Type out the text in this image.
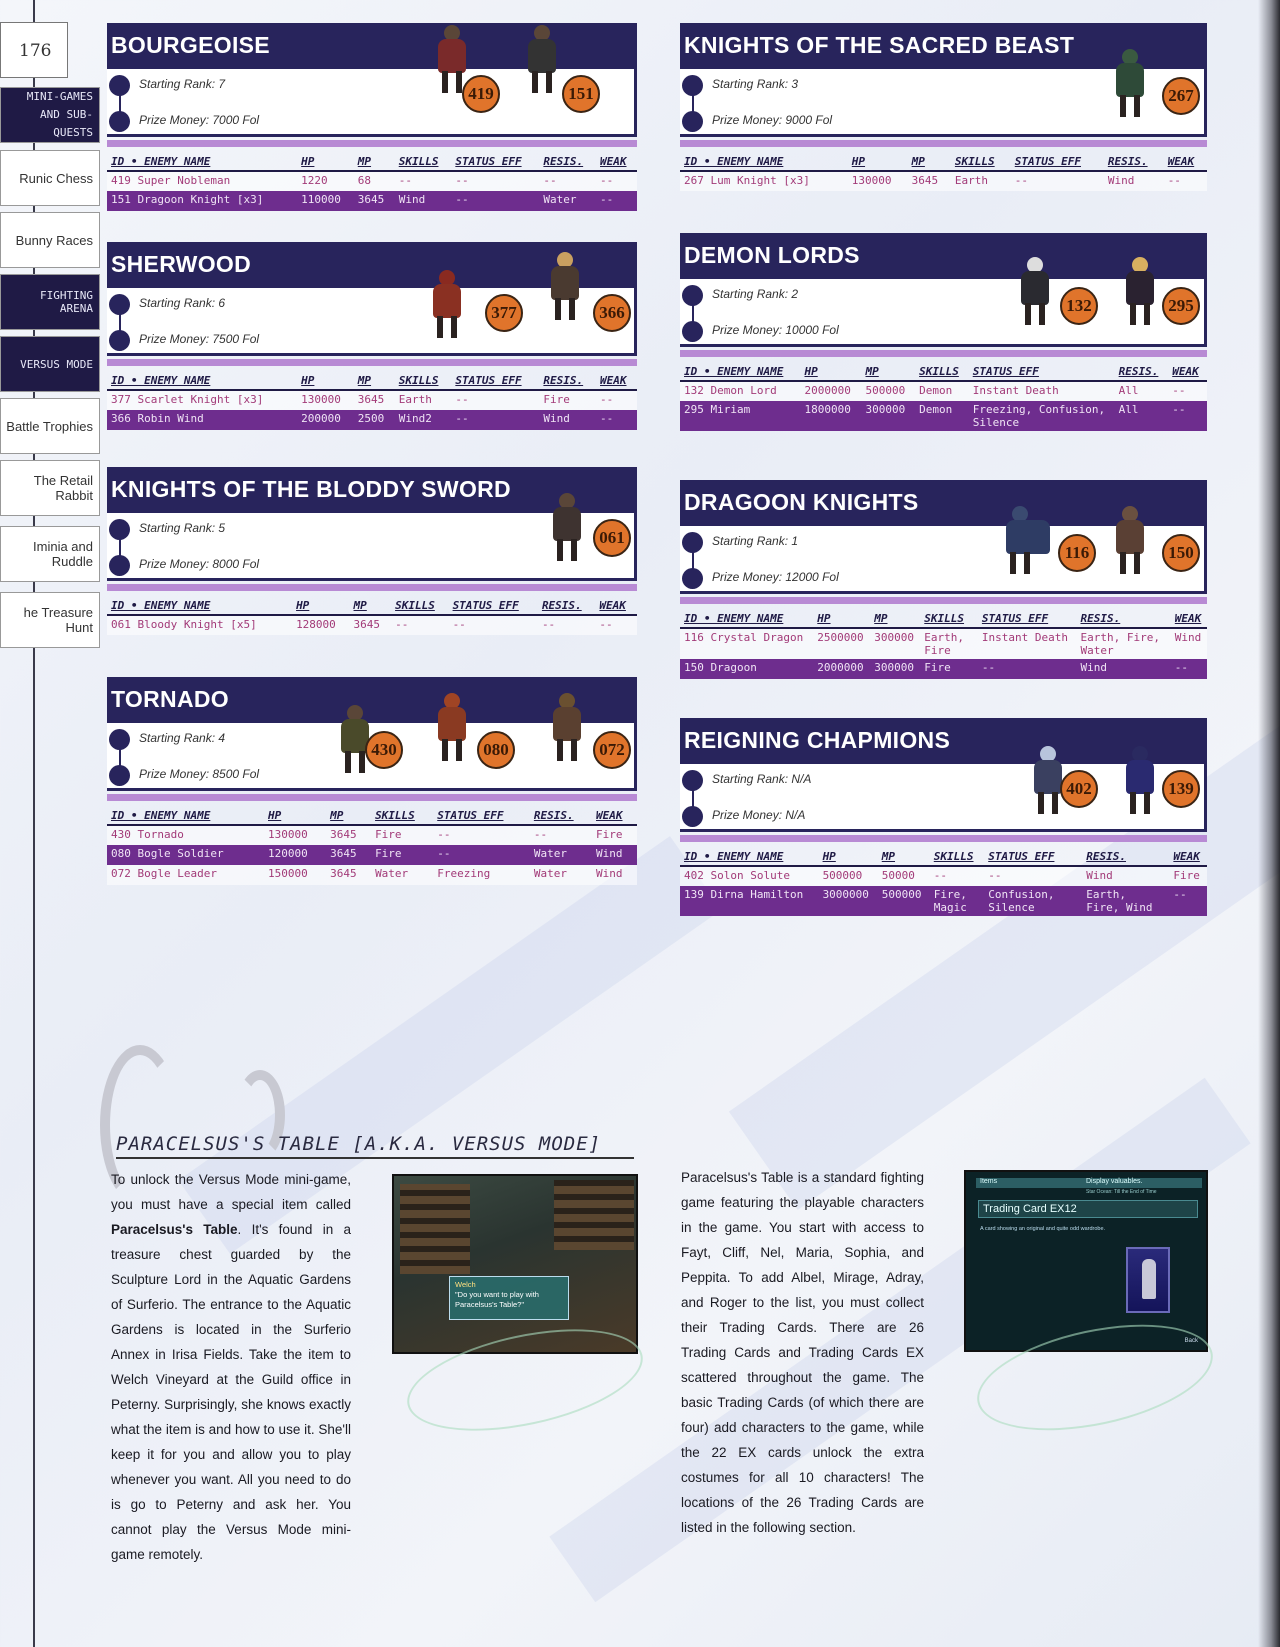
176
MINI-GAMES
AND SUB-QUESTS
Runic Chess
Bunny Races
FIGHTING ARENA
VERSUS MODE
Battle Trophies
The Retail Rabbit
Iminia and Ruddle
he Treasure Hunt
BOURGEOISE
Starting Rank: 7
Prize Money: 7000 Fol
419	151
ID • ENEMY NAME	HP	MP	SKILLS	STATUS EFF	RESIS.	WEAK
419 Super Nobleman	1220	68	--	--	--	--
151 Dragoon Knight [x3]	110000	3645	Wind	--	Water	--
SHERWOOD
Starting Rank: 6
Prize Money: 7500 Fol
377	366
ID • ENEMY NAME	HP	MP	SKILLS	STATUS EFF	RESIS.	WEAK
377 Scarlet Knight [x3]	130000	3645	Earth	--	Fire	--
366 Robin Wind	200000	2500	Wind2	--	Wind	--
KNIGHTS OF THE BLODDY SWORD
Starting Rank: 5
Prize Money: 8000 Fol
061
ID • ENEMY NAME	HP	MP	SKILLS	STATUS EFF	RESIS.	WEAK
061 Bloody Knight [x5]	128000	3645	--	--	--	--
TORNADO
Starting Rank: 4
Prize Money: 8500 Fol
430	080	072
ID • ENEMY NAME	HP	MP	SKILLS	STATUS EFF	RESIS.	WEAK
430 Tornado	130000	3645	Fire	--	--	Fire
080 Bogle Soldier	120000	3645	Fire	--	Water	Wind
072 Bogle Leader	150000	3645	Water	Freezing	Water	Wind
KNIGHTS OF THE SACRED BEAST
Starting Rank: 3
Prize Money: 9000 Fol
267
ID • ENEMY NAME	HP	MP	SKILLS	STATUS EFF	RESIS.	WEAK
267 Lum Knight [x3]	130000	3645	Earth	--	Wind	--
DEMON LORDS
Starting Rank: 2
Prize Money: 10000 Fol
132	295
ID • ENEMY NAME	HP	MP	SKILLS	STATUS EFF	RESIS.	WEAK
132 Demon Lord	2000000	500000	Demon	Instant Death	All	--
295 Miriam	1800000	300000	Demon	Freezing, Confusion, Silence	All	--
DRAGOON KNIGHTS
Starting Rank: 1
Prize Money: 12000 Fol
116	150
ID • ENEMY NAME	HP	MP	SKILLS	STATUS EFF	RESIS.	WEAK
116 Crystal Dragon	2500000	300000	Earth, Fire	Instant Death	Earth, Fire, Water	Wind
150 Dragoon	2000000	300000	Fire	--	Wind	--
REIGNING CHAPMIONS
Starting Rank: N/A
Prize Money: N/A
402	139
ID • ENEMY NAME	HP	MP	SKILLS	STATUS EFF	RESIS.	WEAK
402 Solon Solute	500000	50000	--	--	Wind	Fire
139 Dirna Hamilton	3000000	500000	Fire, Magic	Confusion, Silence	Earth, Fire, Wind	--
PARACELSUS'S TABLE [A.K.A. VERSUS MODE]
To unlock the Versus Mode mini-game, you must have a special item called Paracelsus's Table. It's found in a treasure chest guarded by the Sculpture Lord in the Aquatic Gardens of Surferio. The entrance to the Aquatic Gardens is located in the Surferio Annex in Irisa Fields. Take the item to Welch Vineyard at the Guild office in Peterny. Surprisingly, she knows exactly what the item is and how to use it. She'll keep it for you and allow you to play whenever you want. All you need to do is go to Peterny and ask her. You cannot play the Versus Mode mini-game remotely.
Welch
"Do you want to play with
Paracelsus's Table?"
Paracelsus's Table is a standard fighting game featuring the playable characters in the game. You start with access to Fayt, Cliff, Nel, Maria, Sophia, and Peppita. To add Albel, Mirage, Adray, and Roger to the list, you must collect their Trading Cards. There are 26 Trading Cards and Trading Cards EX scattered throughout the game. The basic Trading Cards (of which there are four) add characters to the game, while the 22 EX cards unlock the extra costumes for all 10 characters! The locations of the 26 Trading Cards are listed in the following section.
Items	Display valuables.
Star Ocean: Till the End of Time
Trading Card EX12
A card showing an original and quite odd wardrobe.
Back
